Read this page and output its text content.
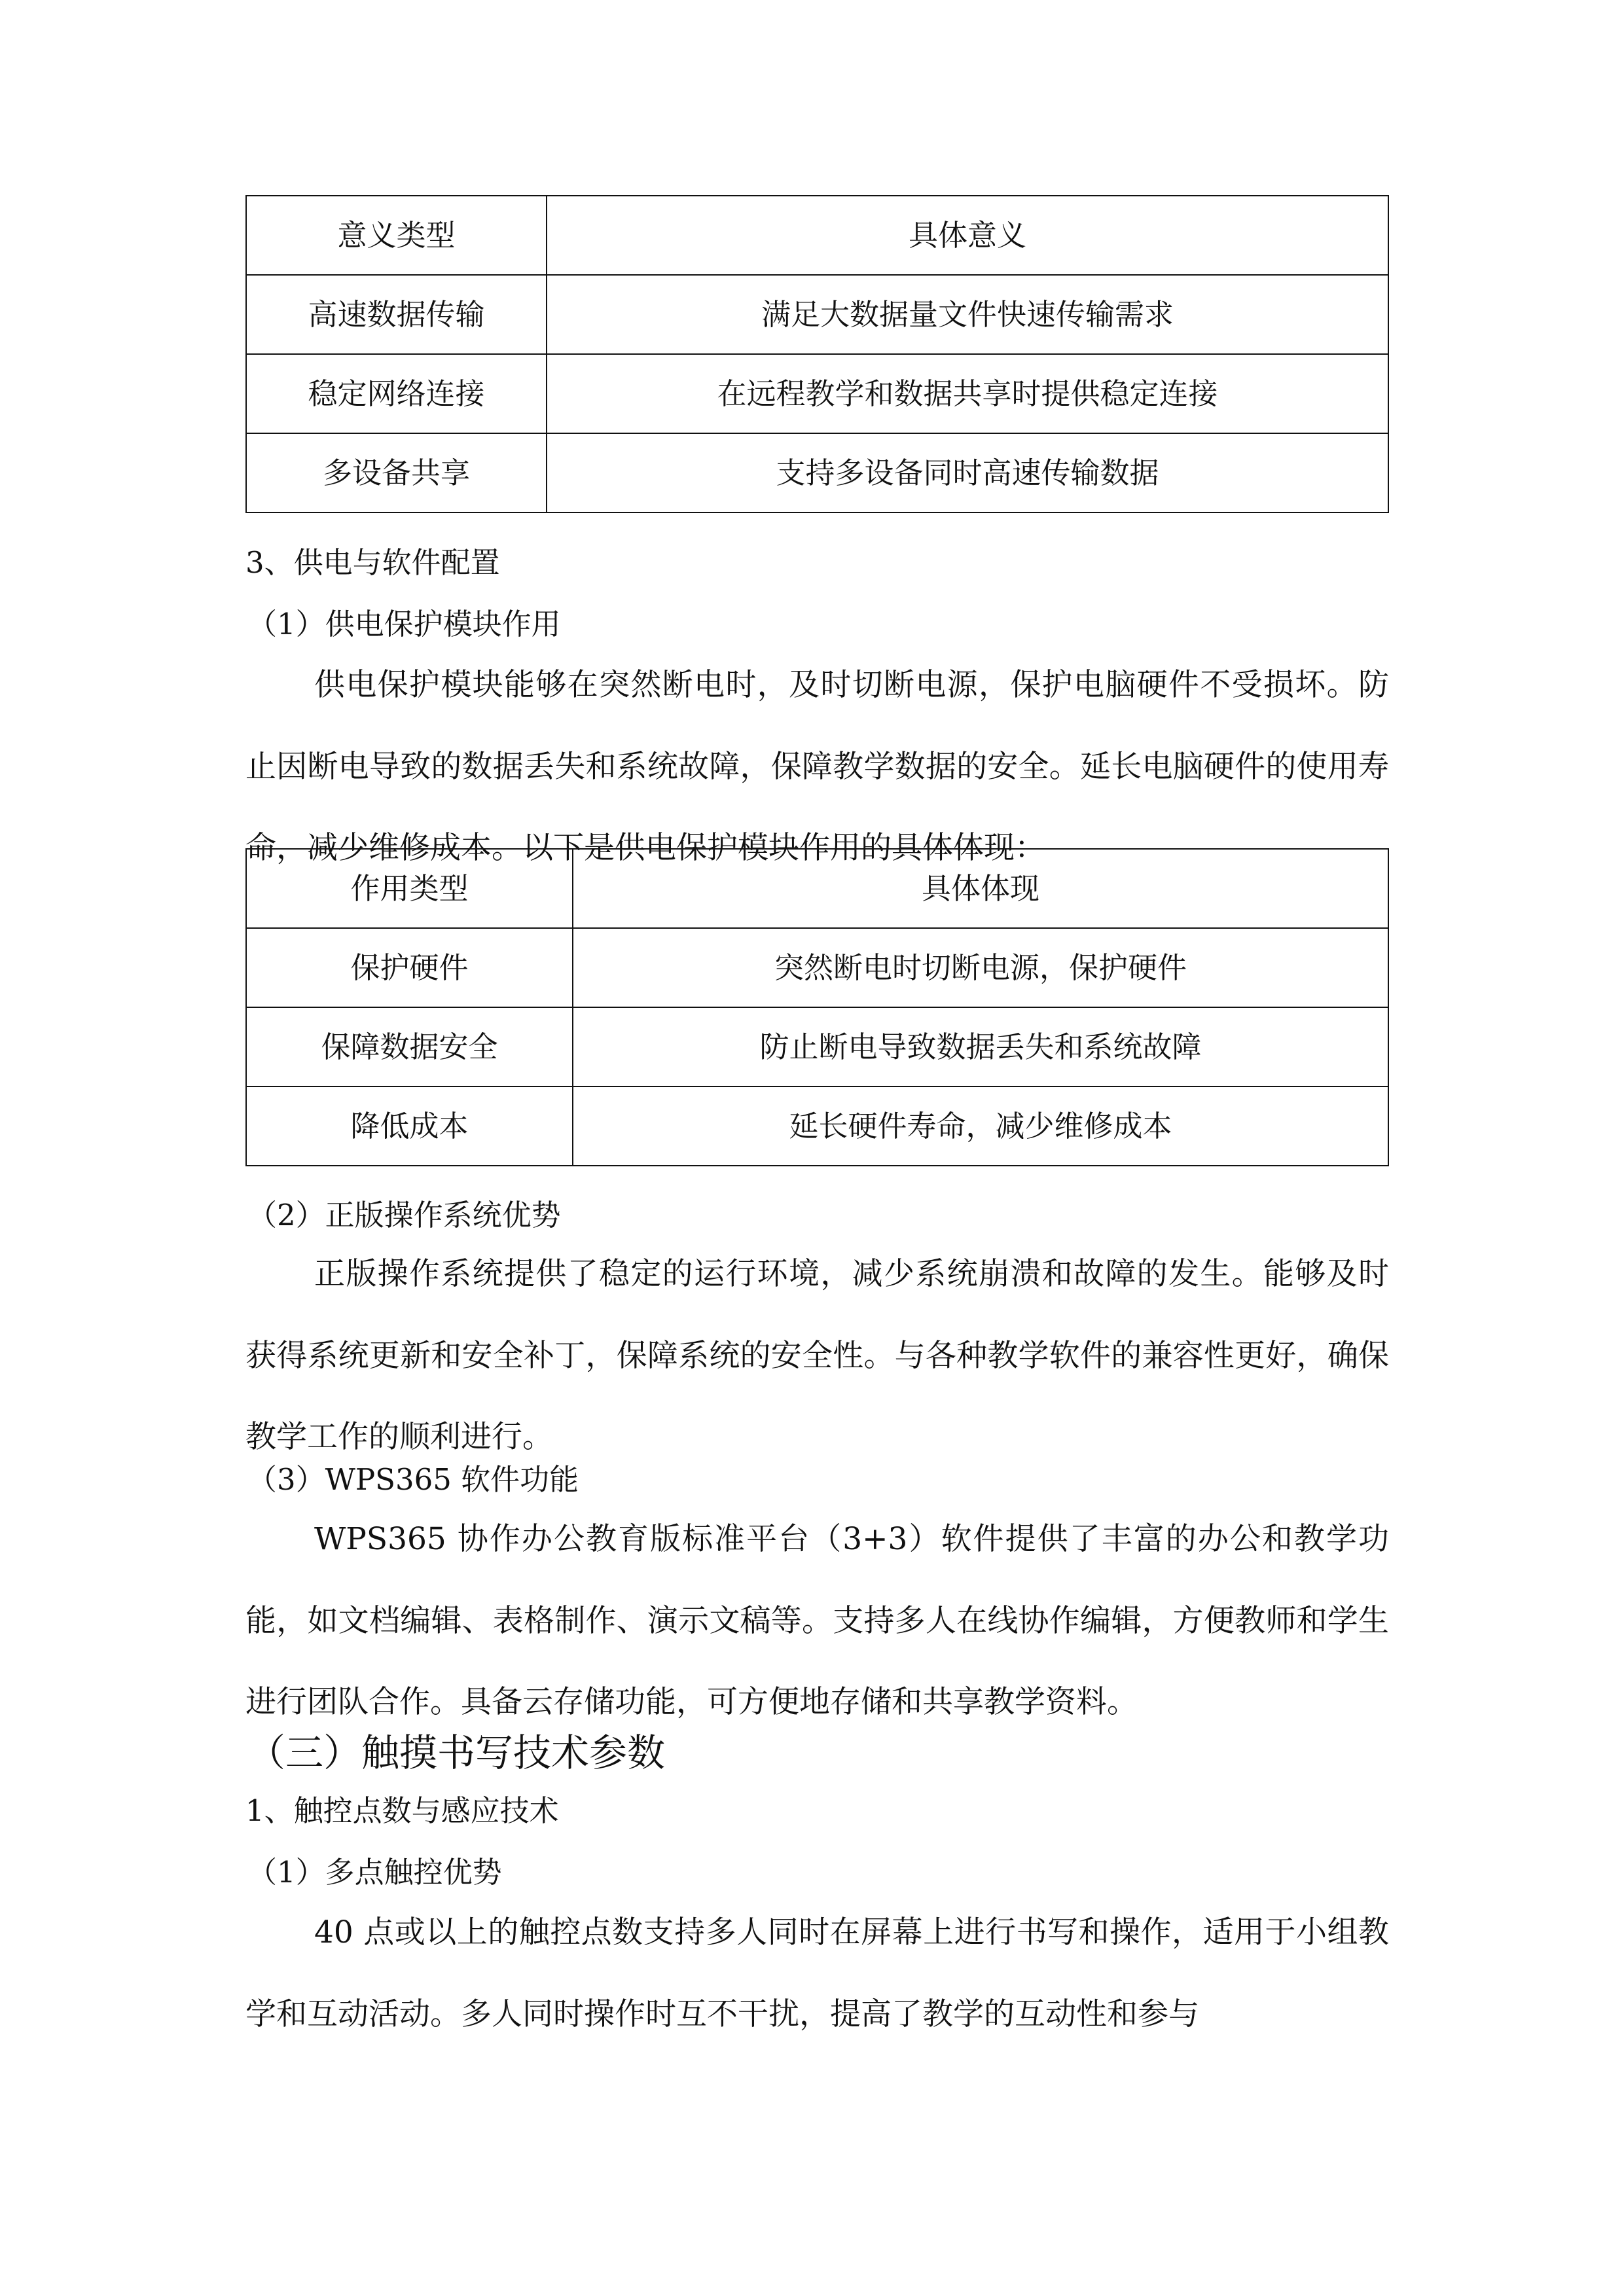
意义类型	具体意义
高速数据传输	满足大数据量文件快速传输需求
稳定网络连接	在远程教学和数据共享时提供稳定连接
多设备共享	支持多设备同时高速传输数据
3、供电与软件配置
（1）供电保护模块作用
供电保护模块能够在突然断电时，及时切断电源，保护电脑硬件不受损坏。防止因断电导致的数据丢失和系统故障，保障教学数据的安全。延长电脑硬件的使用寿命，减少维修成本。以下是供电保护模块作用的具体体现：
作用类型	具体体现
保护硬件	突然断电时切断电源，保护硬件
保障数据安全	防止断电导致数据丢失和系统故障
降低成本	延长硬件寿命，减少维修成本
（2）正版操作系统优势
正版操作系统提供了稳定的运行环境，减少系统崩溃和故障的发生。能够及时获得系统更新和安全补丁，保障系统的安全性。与各种教学软件的兼容性更好，确保教学工作的顺利进行。
（3）WPS365 软件功能
WPS365 协作办公教育版标准平台（3+3）软件提供了丰富的办公和教学功能，如文档编辑、表格制作、演示文稿等。支持多人在线协作编辑，方便教师和学生进行团队合作。具备云存储功能，可方便地存储和共享教学资料。
（三）触摸书写技术参数
1、触控点数与感应技术
（1）多点触控优势
40 点或以上的触控点数支持多人同时在屏幕上进行书写和操作，适用于小组教学和互动活动。多人同时操作时互不干扰，提高了教学的互动性和参与
